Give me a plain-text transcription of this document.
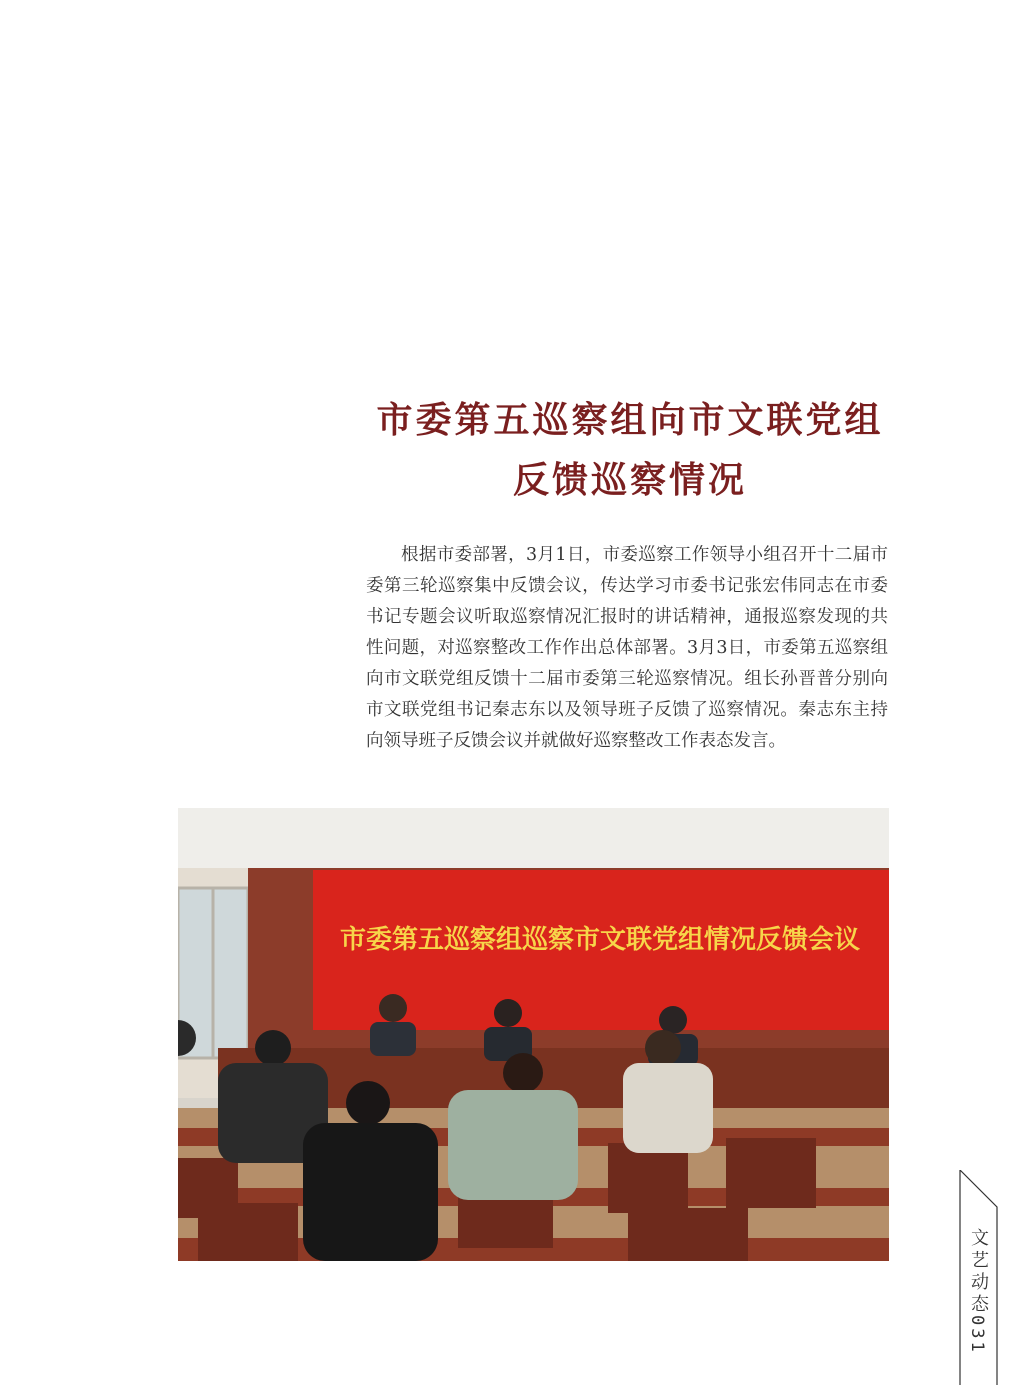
市委第五巡察组向市文联党组
反馈巡察情况

根据市委部署，3月1日，市委巡察工作领导小组召开十二届市委第三轮巡察集中反馈会议，传达学习市委书记张宏伟同志在市委书记专题会议听取巡察情况汇报时的讲话精神，通报巡察发现的共性问题，对巡察整改工作作出总体部署。3月3日，市委第五巡察组向市文联党组反馈十二届市委第三轮巡察情况。组长孙晋普分别向市文联党组书记秦志东以及领导班子反馈了巡察情况。秦志东主持向领导班子反馈会议并就做好巡察整改工作表态发言。

市委第五巡察组巡察市文联党组情况反馈会议
文艺动态
031
